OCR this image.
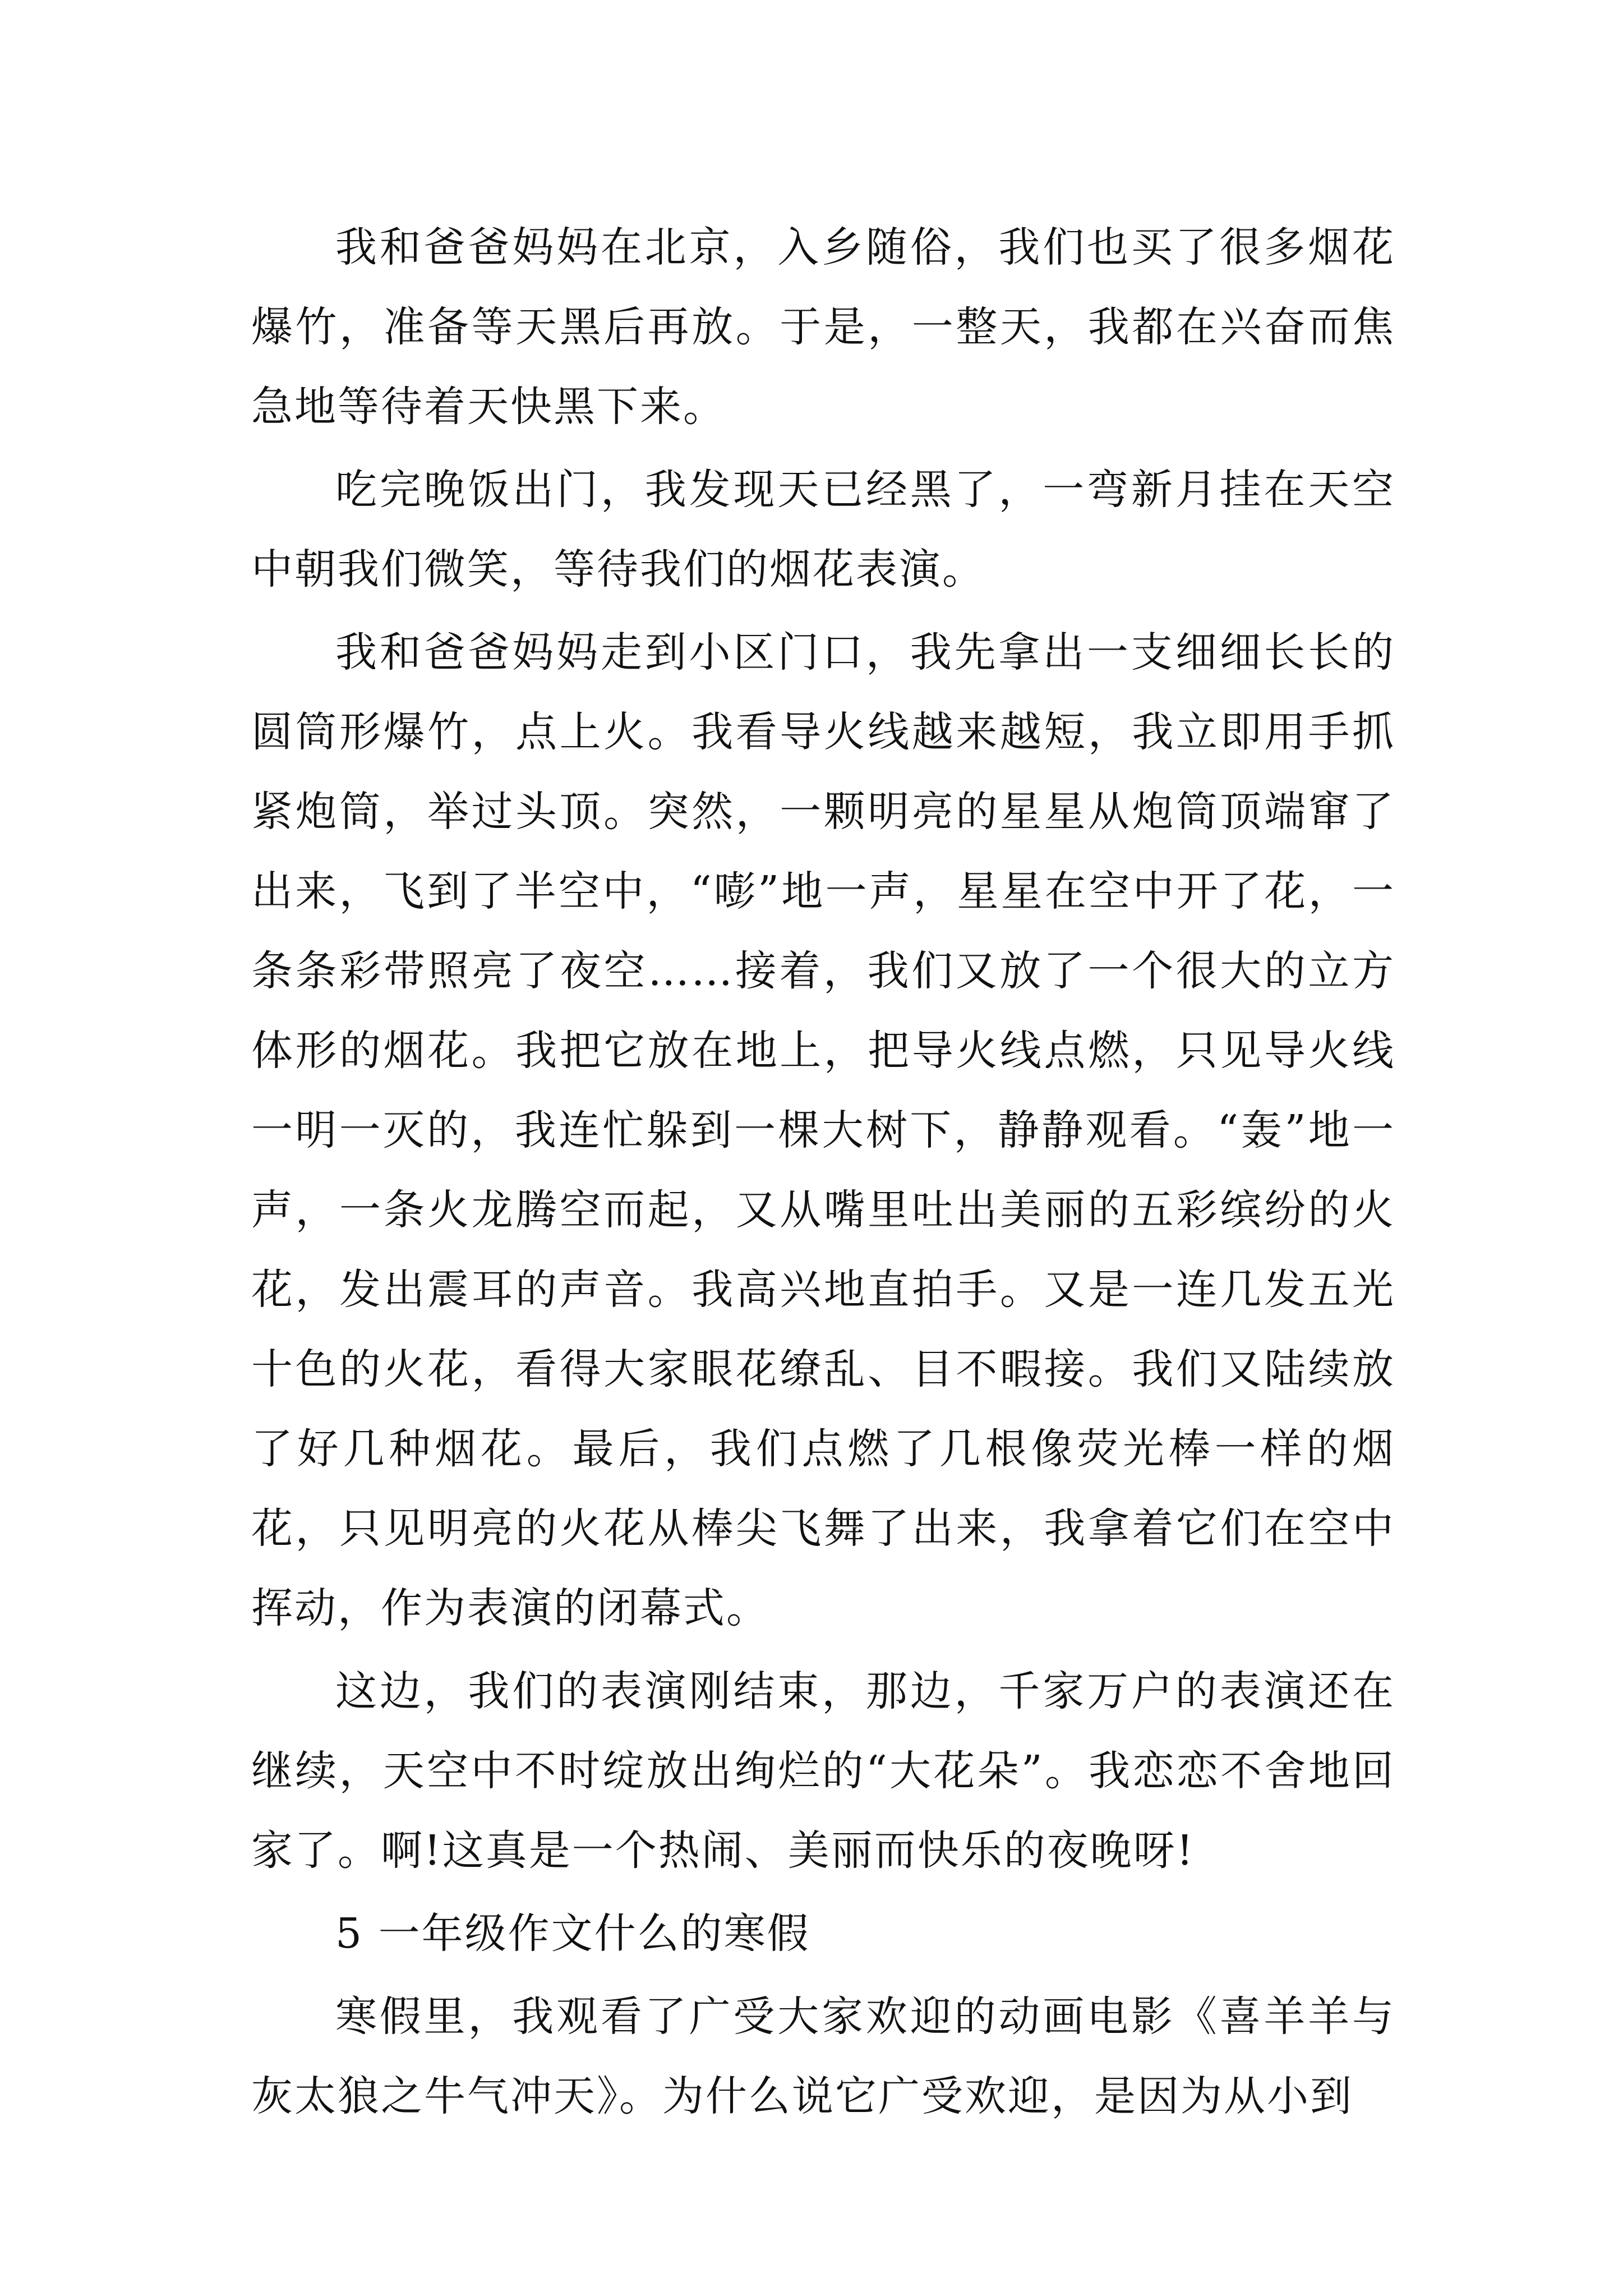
我和爸爸妈妈在北京，入乡随俗，我们也买了很多烟花爆竹，准备等天黑后再放。于是，一整天，我都在兴奋而焦急地等待着天快黑下来。

吃完晚饭出门，我发现天已经黑了，一弯新月挂在天空中朝我们微笑，等待我们的烟花表演。

我和爸爸妈妈走到小区门口，我先拿出一支细细长长的圆筒形爆竹，点上火。我看导火线越来越短，我立即用手抓紧炮筒，举过头顶。突然，一颗明亮的星星从炮筒顶端窜了出来，飞到了半空中，“嘭”地一声，星星在空中开了花，一条条彩带照亮了夜空……接着，我们又放了一个很大的立方体形的烟花。我把它放在地上，把导火线点燃，只见导火线一明一灭的，我连忙躲到一棵大树下，静静观看。“轰”地一声，一条火龙腾空而起，又从嘴里吐出美丽的五彩缤纷的火花，发出震耳的声音。我高兴地直拍手。又是一连几发五光十色的火花，看得大家眼花缭乱、目不暇接。我们又陆续放了好几种烟花。最后，我们点燃了几根像荧光棒一样的烟花，只见明亮的火花从棒尖飞舞了出来，我拿着它们在空中挥动，作为表演的闭幕式。

这边，我们的表演刚结束，那边，千家万户的表演还在继续，天空中不时绽放出绚烂的“大花朵”。我恋恋不舍地回家了。啊!这真是一个热闹、美丽而快乐的夜晚呀!

5 一年级作文什么的寒假

寒假里，我观看了广受大家欢迎的动画电影《喜羊羊与灰太狼之牛气冲天》。为什么说它广受欢迎，是因为从小到
